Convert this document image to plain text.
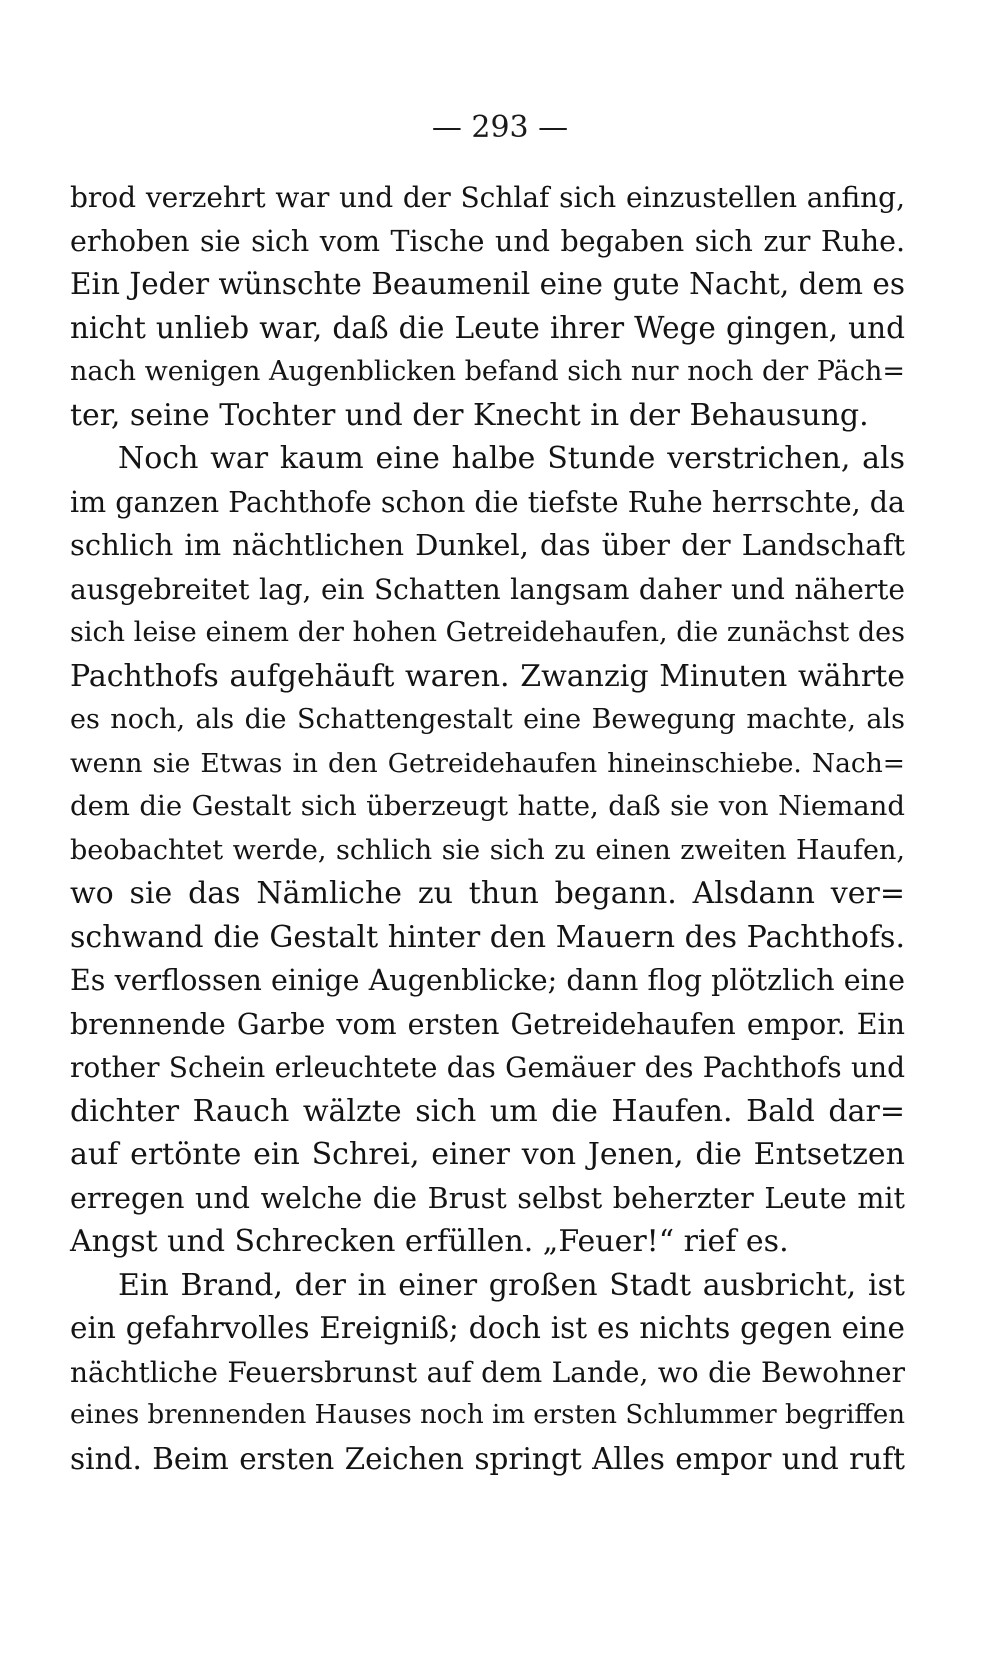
— 293 —
brod verzehrt war und der Schlaf sich einzustellen anfing,
erhoben sie sich vom Tische und begaben sich zur Ruhe.
Ein Jeder wünschte Beaumenil eine gute Nacht, dem es
nicht unlieb war, daß die Leute ihrer Wege gingen, und
nach wenigen Augenblicken befand sich nur noch der Päch=
ter, seine Tochter und der Knecht in der Behausung.
Noch war kaum eine halbe Stunde verstrichen, als
im ganzen Pachthofe schon die tiefste Ruhe herrschte, da
schlich im nächtlichen Dunkel, das über der Landschaft
ausgebreitet lag, ein Schatten langsam daher und näherte
sich leise einem der hohen Getreidehaufen, die zunächst des
Pachthofs aufgehäuft waren. Zwanzig Minuten währte
es noch, als die Schattengestalt eine Bewegung machte, als
wenn sie Etwas in den Getreidehaufen hineinschiebe. Nach=
dem die Gestalt sich überzeugt hatte, daß sie von Niemand
beobachtet werde, schlich sie sich zu einen zweiten Haufen,
wo sie das Nämliche zu thun begann. Alsdann ver=
schwand die Gestalt hinter den Mauern des Pachthofs.
Es verflossen einige Augenblicke; dann flog plötzlich eine
brennende Garbe vom ersten Getreidehaufen empor. Ein
rother Schein erleuchtete das Gemäuer des Pachthofs und
dichter Rauch wälzte sich um die Haufen. Bald dar=
auf ertönte ein Schrei, einer von Jenen, die Entsetzen
erregen und welche die Brust selbst beherzter Leute mit
Angst und Schrecken erfüllen. „Feuer!“ rief es.
Ein Brand, der in einer großen Stadt ausbricht, ist
ein gefahrvolles Ereigniß; doch ist es nichts gegen eine
nächtliche Feuersbrunst auf dem Lande, wo die Bewohner
eines brennenden Hauses noch im ersten Schlummer begriffen
sind. Beim ersten Zeichen springt Alles empor und ruft
